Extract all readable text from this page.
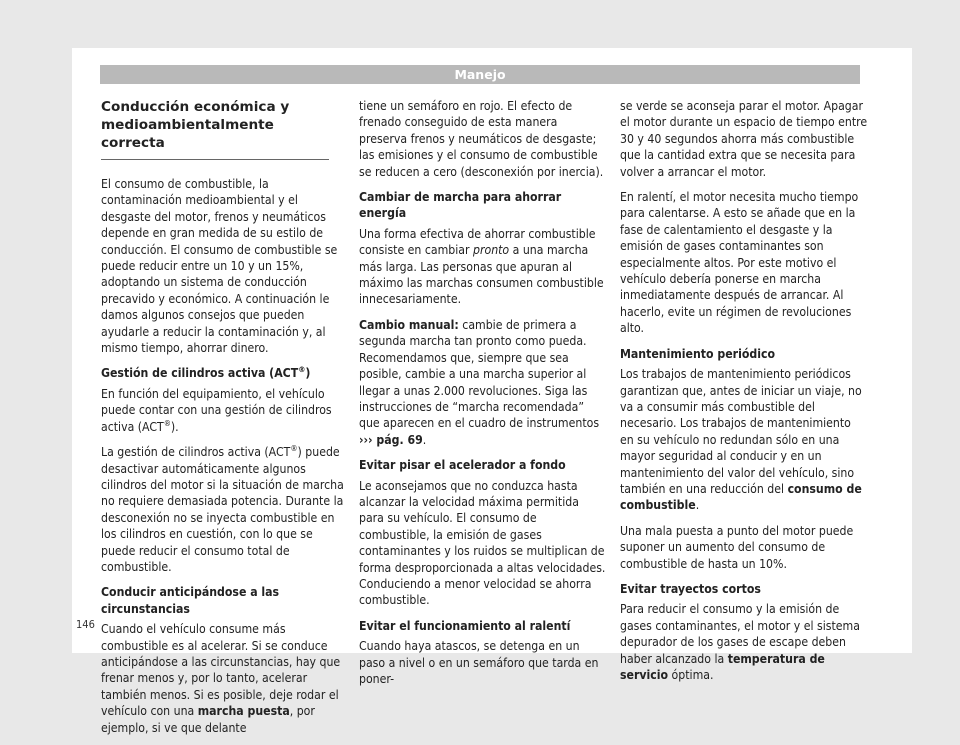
Manejo
Conducción económica y medioambientalmente correcta

El consumo de combustible, la contaminación medioambiental y el desgaste del motor, frenos y neumáticos depende en gran medida de su estilo de conducción. El consumo de combustible se puede reducir entre un 10 y un 15%, adoptando un sistema de conducción precavido y económico. A continuación le damos algunos consejos que pueden ayudarle a reducir la contaminación y, al mismo tiempo, ahorrar dinero.

Gestión de cilindros activa (ACT®)

En función del equipamiento, el vehículo puede contar con una gestión de cilindros activa (ACT®).

La gestión de cilindros activa (ACT®) puede desactivar automáticamente algunos cilindros del motor si la situación de marcha no requiere demasiada potencia. Durante la desconexión no se inyecta combustible en los cilindros en cuestión, con lo que se puede reducir el consumo total de combustible.

Conducir anticipándose a las circunstancias

Cuando el vehículo consume más combustible es al acelerar. Si se conduce anticipándose a las circunstancias, hay que frenar menos y, por lo tanto, acelerar también menos. Si es posible, deje rodar el vehículo con una marcha puesta, por ejemplo, si ve que delante

tiene un semáforo en rojo. El efecto de frenado conseguido de esta manera preserva frenos y neumáticos de desgaste; las emisiones y el consumo de combustible se reducen a cero (desconexión por inercia).

Cambiar de marcha para ahorrar energía

Una forma efectiva de ahorrar combustible consiste en cambiar pronto a una marcha más larga. Las personas que apuran al máximo las marchas consumen combustible innecesariamente.

Cambio manual: cambie de primera a segunda marcha tan pronto como pueda. Recomendamos que, siempre que sea posible, cambie a una marcha superior al llegar a unas 2.000 revoluciones. Siga las instrucciones de “marcha recomendada” que aparecen en el cuadro de instrumentos ››› pág. 69.

Evitar pisar el acelerador a fondo

Le aconsejamos que no conduzca hasta alcanzar la velocidad máxima permitida para su vehículo. El consumo de combustible, la emisión de gases contaminantes y los ruidos se multiplican de forma desproporcionada a altas velocidades. Conduciendo a menor velocidad se ahorra combustible.

Evitar el funcionamiento al ralentí

Cuando haya atascos, se detenga en un paso a nivel o en un semáforo que tarda en poner-

se verde se aconseja parar el motor. Apagar el motor durante un espacio de tiempo entre 30 y 40 segundos ahorra más combustible que la cantidad extra que se necesita para volver a arrancar el motor.

En ralentí, el motor necesita mucho tiempo para calentarse. A esto se añade que en la fase de calentamiento el desgaste y la emisión de gases contaminantes son especialmente altos. Por este motivo el vehículo debería ponerse en marcha inmediatamente después de arrancar. Al hacerlo, evite un régimen de revoluciones alto.

Mantenimiento periódico

Los trabajos de mantenimiento periódicos garantizan que, antes de iniciar un viaje, no va a consumir más combustible del necesario. Los trabajos de mantenimiento en su vehículo no redundan sólo en una mayor seguridad al conducir y en un mantenimiento del valor del vehículo, sino también en una reducción del consumo de combustible.

Una mala puesta a punto del motor puede suponer un aumento del consumo de combustible de hasta un 10%.

Evitar trayectos cortos

Para reducir el consumo y la emisión de gases contaminantes, el motor y el sistema depurador de los gases de escape deben haber alcanzado la temperatura de servicio óptima.

146
